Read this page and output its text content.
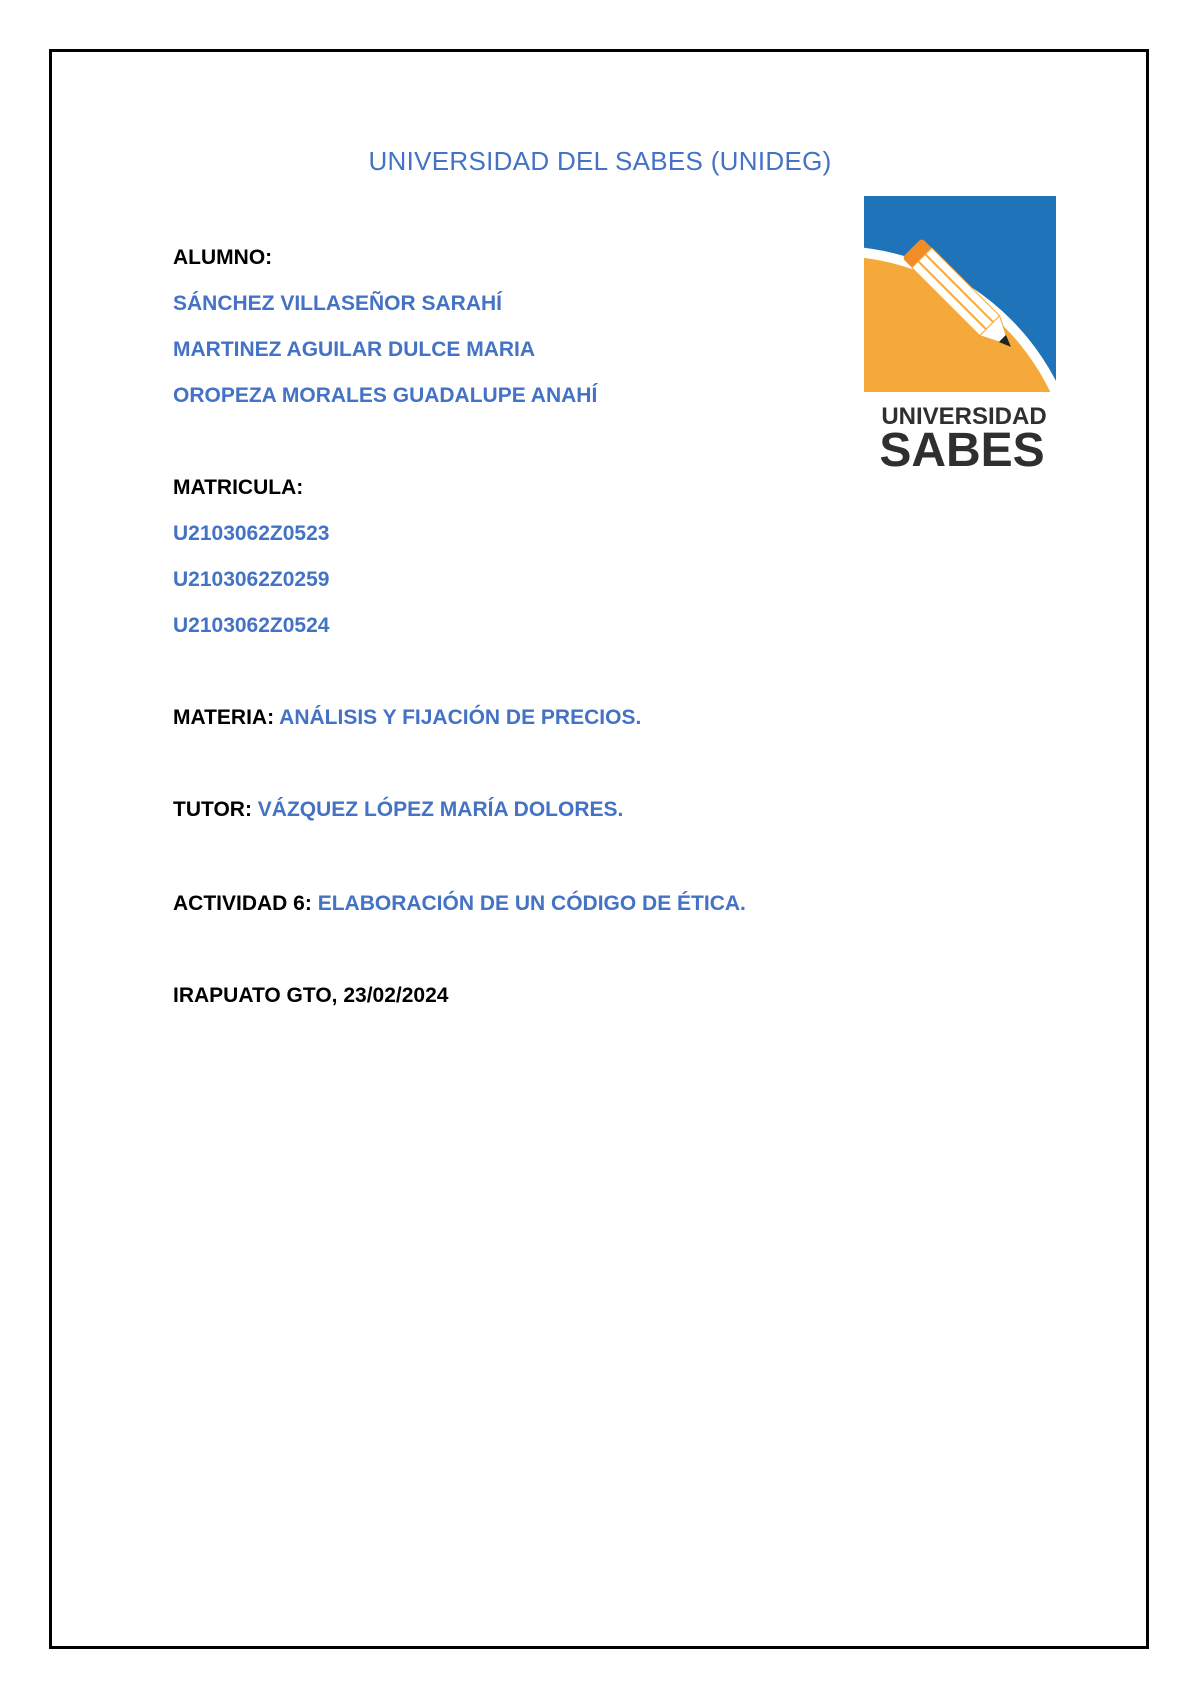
UNIVERSIDAD DEL SABES (UNIDEG)
ALUMNO:
SÁNCHEZ VILLASEÑOR SARAHÍ
MARTINEZ AGUILAR DULCE MARIA
OROPEZA MORALES GUADALUPE ANAHÍ
MATRICULA:
U2103062Z0523
U2103062Z0259
U2103062Z0524
MATERIA: ANÁLISIS Y FIJACIÓN DE PRECIOS.
TUTOR: VÁZQUEZ LÓPEZ MARÍA DOLORES.
ACTIVIDAD 6: ELABORACIÓN DE UN CÓDIGO DE ÉTICA.
IRAPUATO GTO, 23/02/2024
UNIVERSIDAD
SABES
